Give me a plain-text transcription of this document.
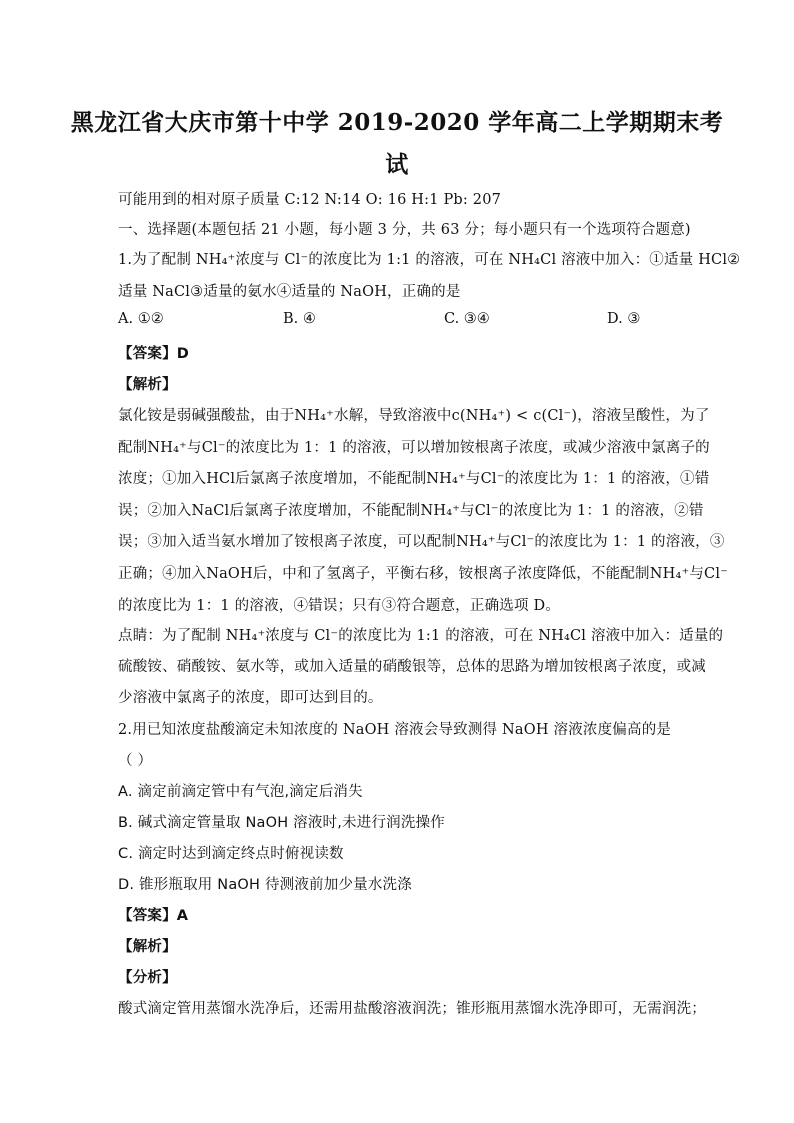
黑龙江省大庆市第十中学 2019-2020 学年高二上学期期末考
试
可能用到的相对原子质量 C:12 N:14 O: 16 H:1 Pb: 207
一、选择题(本题包括 21 小题，每小题 3 分，共 63 分；每小题只有一个选项符合题意)
1.为了配制 NH₄⁺浓度与 Cl⁻的浓度比为 1:1 的溶液，可在 NH₄Cl 溶液中加入：①适量 HCl②
适量 NaCl③适量的氨水④适量的 NaOH，正确的是
A. ①②	B. ④	C. ③④	D. ③
【答案】D
【解析】
氯化铵是弱碱强酸盐，由于NH₄⁺水解，导致溶液中c(NH₄⁺) < c(Cl⁻)，溶液呈酸性，为了
配制NH₄⁺与Cl⁻的浓度比为 1：1 的溶液，可以增加铵根离子浓度，或减少溶液中氯离子的
浓度；①加入HCl后氯离子浓度增加，不能配制NH₄⁺与Cl⁻的浓度比为 1：1 的溶液，①错
误；②加入NaCl后氯离子浓度增加，不能配制NH₄⁺与Cl⁻的浓度比为 1：1 的溶液，②错
误；③加入适当氨水增加了铵根离子浓度，可以配制NH₄⁺与Cl⁻的浓度比为 1：1 的溶液，③
正确；④加入NaOH后，中和了氢离子，平衡右移，铵根离子浓度降低，不能配制NH₄⁺与Cl⁻
的浓度比为 1：1 的溶液，④错误；只有③符合题意，正确选项 D。
点睛：为了配制 NH₄⁺浓度与 Cl⁻的浓度比为 1:1 的溶液，可在 NH₄Cl 溶液中加入：适量的
硫酸铵、硝酸铵、氨水等，或加入适量的硝酸银等，总体的思路为增加铵根离子浓度，或减
少溶液中氯离子的浓度，即可达到目的。
2.用已知浓度盐酸滴定未知浓度的 NaOH 溶液会导致测得 NaOH 溶液浓度偏高的是
（ ）
A. 滴定前滴定管中有气泡,滴定后消失
B. 碱式滴定管量取 NaOH 溶液时,未进行润洗操作
C. 滴定时达到滴定终点时俯视读数
D. 锥形瓶取用 NaOH 待测液前加少量水洗涤
【答案】A
【解析】
【分析】
酸式滴定管用蒸馏水洗净后，还需用盐酸溶液润洗；锥形瓶用蒸馏水洗净即可，无需润洗；
